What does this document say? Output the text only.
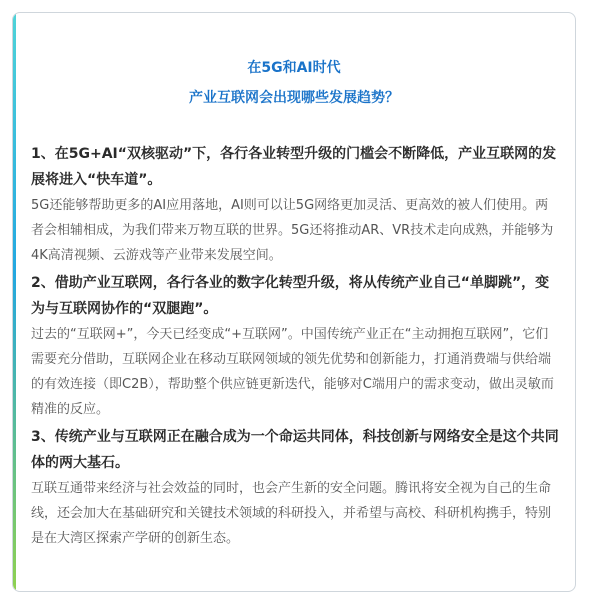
在5G和AI时代
产业互联网会出现哪些发展趋势？

1、在5G+AI“双核驱动”下，各行各业转型升级的门槛会不断降低，产业互联网的发展将进入“快车道”。

5G还能够帮助更多的AI应用落地，AI则可以让5G网络更加灵活、更高效的被人们使用。两者会相辅相成，为我们带来万物互联的世界。5G还将推动AR、VR技术走向成熟，并能够为4K高清视频、云游戏等产业带来发展空间。

2、借助产业互联网，各行各业的数字化转型升级，将从传统产业自己“单脚跳”，变为与互联网协作的“双腿跑”。

过去的“互联网+”，今天已经变成“+互联网”。中国传统产业正在“主动拥抱互联网”，它们需要充分借助，互联网企业在移动互联网领域的领先优势和创新能力，打通消费端与供给端的有效连接（即C2B），帮助整个供应链更新迭代，能够对C端用户的需求变动，做出灵敏而精准的反应。

3、传统产业与互联网正在融合成为一个命运共同体，科技创新与网络安全是这个共同体的两大基石。

互联互通带来经济与社会效益的同时，也会产生新的安全问题。腾讯将安全视为自己的生命线，还会加大在基础研究和关键技术领域的科研投入，并希望与高校、科研机构携手，特别是在大湾区探索产学研的创新生态。
